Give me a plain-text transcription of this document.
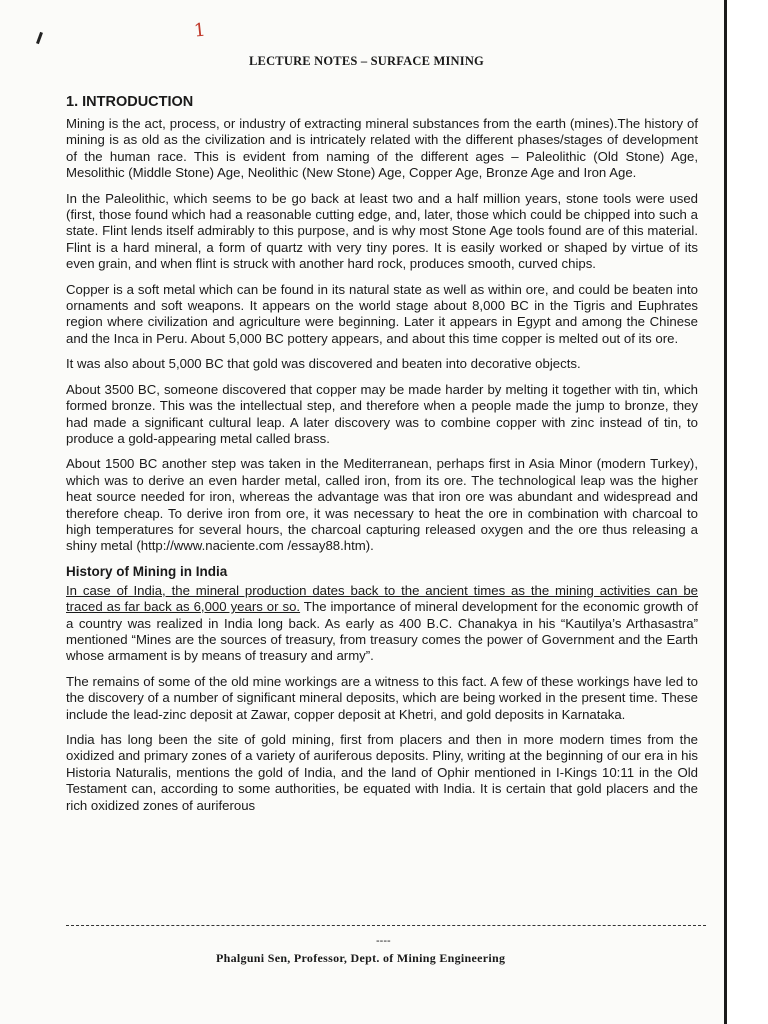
1
LECTURE NOTES – SURFACE MINING
1. INTRODUCTION

Mining is the act, process, or industry of extracting mineral substances from the earth (mines).The history of mining is as old as the civilization and is intricately related with the different phases/stages of development of the human race. This is evident from naming of the different ages – Paleolithic (Old Stone) Age, Mesolithic (Middle Stone) Age, Neolithic (New Stone) Age, Copper Age, Bronze Age and Iron Age.

In the Paleolithic, which seems to be go back at least two and a half million years, stone tools were used (first, those found which had a reasonable cutting edge, and, later, those which could be chipped into such a state. Flint lends itself admirably to this purpose, and is why most Stone Age tools found are of this material. Flint is a hard mineral, a form of quartz with very tiny pores. It is easily worked or shaped by virtue of its even grain, and when flint is struck with another hard rock, produces smooth, curved chips.

Copper is a soft metal which can be found in its natural state as well as within ore, and could be beaten into ornaments and soft weapons. It appears on the world stage about 8,000 BC in the Tigris and Euphrates region where civilization and agriculture were beginning. Later it appears in Egypt and among the Chinese and the Inca in Peru. About 5,000 BC pottery appears, and about this time copper is melted out of its ore.

It was also about 5,000 BC that gold was discovered and beaten into decorative objects.

About 3500 BC, someone discovered that copper may be made harder by melting it together with tin, which formed bronze. This was the intellectual step, and therefore when a people made the jump to bronze, they had made a significant cultural leap. A later discovery was to combine copper with zinc instead of tin, to produce a gold-appearing metal called brass.

About 1500 BC another step was taken in the Mediterranean, perhaps first in Asia Minor (modern Turkey), which was to derive an even harder metal, called iron, from its ore. The technological leap was the higher heat source needed for iron, whereas the advantage was that iron ore was abundant and widespread and therefore cheap. To derive iron from ore, it was necessary to heat the ore in combination with charcoal to high temperatures for several hours, the charcoal capturing released oxygen and the ore thus releasing a shiny metal (http://www.naciente.com /essay88.htm).

History of Mining in India

In case of India, the mineral production dates back to the ancient times as the mining activities can be traced as far back as 6,000 years or so. The importance of mineral development for the economic growth of a country was realized in India long back. As early as 400 B.C. Chanakya in his “Kautilya’s Arthasastra” mentioned “Mines are the sources of treasury, from treasury comes the power of Government and the Earth whose armament is by means of treasury and army”.

The remains of some of the old mine workings are a witness to this fact. A few of these workings have led to the discovery of a number of significant mineral deposits, which are being worked in the present time. These include the lead-zinc deposit at Zawar, copper deposit at Khetri, and gold deposits in Karnataka.

India has long been the site of gold mining, first from placers and then in more modern times from the oxidized and primary zones of a variety of auriferous deposits. Pliny, writing at the beginning of our era in his Historia Naturalis, mentions the gold of India, and the land of Ophir mentioned in I-Kings 10:11 in the Old Testament can, according to some authorities, be equated with India. It is certain that gold placers and the rich oxidized zones of auriferous

----
Phalguni Sen, Professor, Dept. of Mining Engineering
